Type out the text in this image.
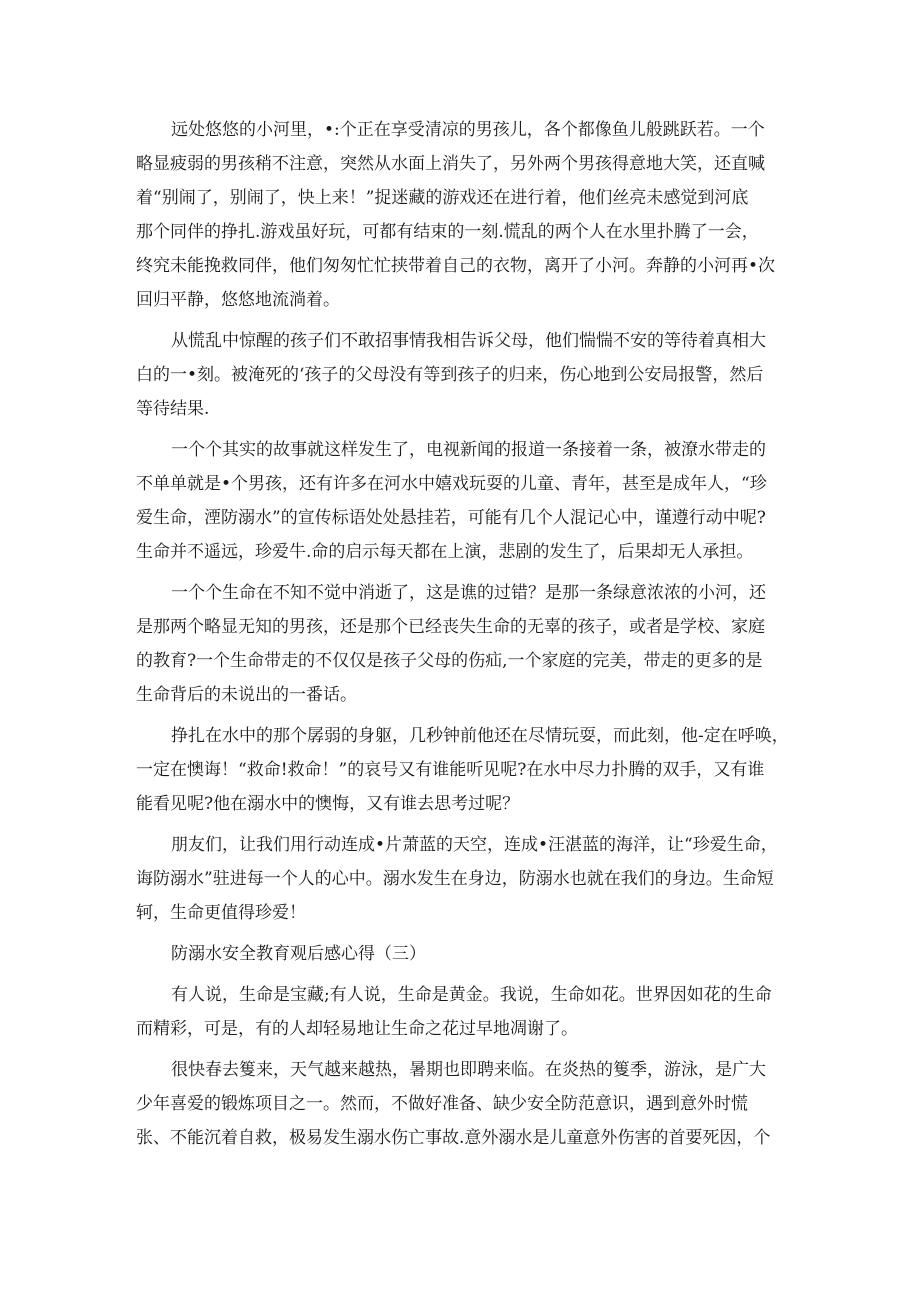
远处悠悠的小河里，•:个正在享受清凉的男孩儿，各个都像鱼儿般跳跃若。一个
略显疲弱的男孩稍不注意，突然从水面上消失了，另外两个男孩得意地大笑，还直喊
着“别闹了，别闹了，快上来！”捉迷藏的游戏还在进行着，他们丝亮未感觉到河底
那个同伴的挣扎.游戏虽好玩，可都有结束的一刻.慌乱的两个人在水里扑腾了一会，
终究未能挽救同伴，他们匆匆忙忙挟带着自己的衣物，离开了小河。奔静的小河再•次
回归平静，悠悠地流淌着。
从慌乱中惊醒的孩子们不敢招事情我相告诉父母，他们惴惴不安的等待着真相大
白的一•刻。被淹死的‘孩子的父母没有等到孩子的归来，伤心地到公安局报警，然后
等待结果.
一个个其实的故事就这样发生了，电视新闻的报道一条接着一条，被潦水带走的
不单单就是•个男孩，还有许多在河水中嬉戏玩耍的儿童、青年，甚至是成年人，“珍
爱生命，湮防溺水”的宣传标语处处悬挂若，可能有几个人混记心中，谨遵行动中呢?
生命并不遥远，珍爱牛.命的启示每天都在上演，悲剧的发生了，后果却无人承担。
一个个生命在不知不觉中消逝了，这是谯的过错？是那一条绿意浓浓的小河，还
是那两个略显无知的男孩，还是那个已经丧失生命的无辜的孩子，或者是学校、家庭
的教育?一个生命带走的不仅仅是孩子父母的伤疝,一个家庭的完美，带走的更多的是
生命背后的未说出的一番话。
挣扎在水中的那个孱弱的身躯，几秒钟前他还在尽情玩耍，而此刻，他-定在呼唤，
一定在懊诲！“救命!救命！”的哀号又有谁能听见呢?在水中尽力扑腾的双手，又有谁
能看见呢?他在溺水中的懊悔，又有谁去思考过呢？
朋友们，让我们用行动连成•片萧蓝的天空，连成•汪湛蓝的海洋，让“珍爱生命，
诲防溺水”驻进每一个人的心中。溺水发生在身边，防溺水也就在我们的身边。生命短
轲，生命更值得珍爱！
防溺水安全教育观后感心得（三）
有人说，生命是宝藏;有人说，生命是黄金。我说，生命如花。世界因如花的生命
而精彩，可是，有的人却轻易地让生命之花过早地凋谢了。
很快春去篗来，天气越来越热，暑期也即聘来临。在炎热的篗季，游泳，是广大
少年喜爱的锻炼项目之一。然而，不做好准备、缺少安全防范意识，遇到意外时慌
张、不能沉着自救，极易发生溺水伤亡事故.意外溺水是儿童意外伤害的首要死因，个
